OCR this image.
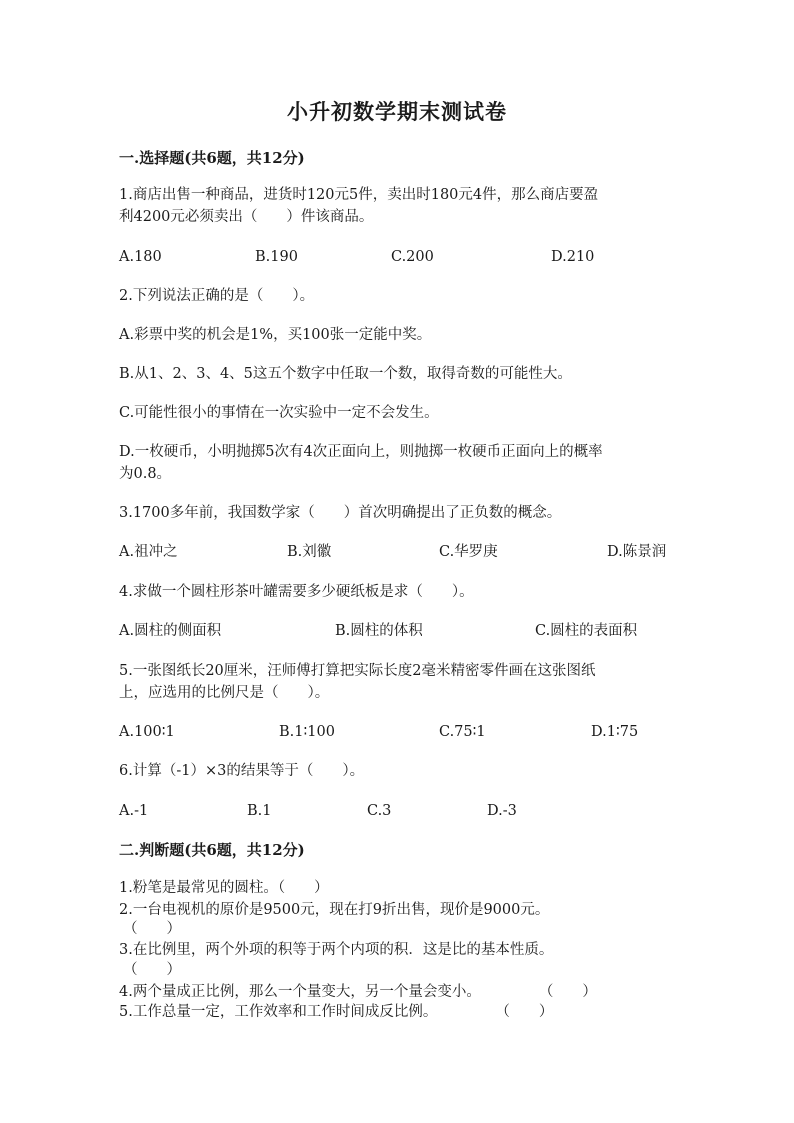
小升初数学期末测试卷
一.选择题(共6题，共12分)
1.商店出售一种商品，进货时120元5件，卖出时180元4件，那么商店要盈
利4200元必须卖出（　　）件该商品。
A.180	B.190	C.200	D.210
2.下列说法正确的是（　　）。
A.彩票中奖的机会是1%，买100张一定能中奖。
B.从1、2、3、4、5这五个数字中任取一个数，取得奇数的可能性大。
C.可能性很小的事情在一次实验中一定不会发生。
D.一枚硬币，小明抛掷5次有4次正面向上，则抛掷一枚硬币正面向上的概率
为0.8。
3.1700多年前，我国数学家（　　）首次明确提出了正负数的概念。
A.祖冲之	B.刘徽	C.华罗庚	D.陈景润
4.求做一个圆柱形茶叶罐需要多少硬纸板是求（　　）。
A.圆柱的侧面积	B.圆柱的体积	C.圆柱的表面积
5.一张图纸长20厘米，汪师傅打算把实际长度2毫米精密零件画在这张图纸
上，应选用的比例尺是（　　）。
A.100∶1	B.1∶100	C.75∶1	D.1∶75
6.计算（-1）×3的结果等于（　　）。
A.-1	B.1	C.3	D.-3
二.判断题(共6题，共12分)
1.粉笔是最常见的圆柱。（　　）
2.一台电视机的原价是9500元，现在打9折出售，现价是9000元。
（　　）
3.在比例里，两个外项的积等于两个内项的积．这是比的基本性质。
（　　）
4.两个量成正比例，那么一个量变大，另一个量会变小。　　　　　（　　）
5.工作总量一定，工作效率和工作时间成反比例。　　　　　（　　）
